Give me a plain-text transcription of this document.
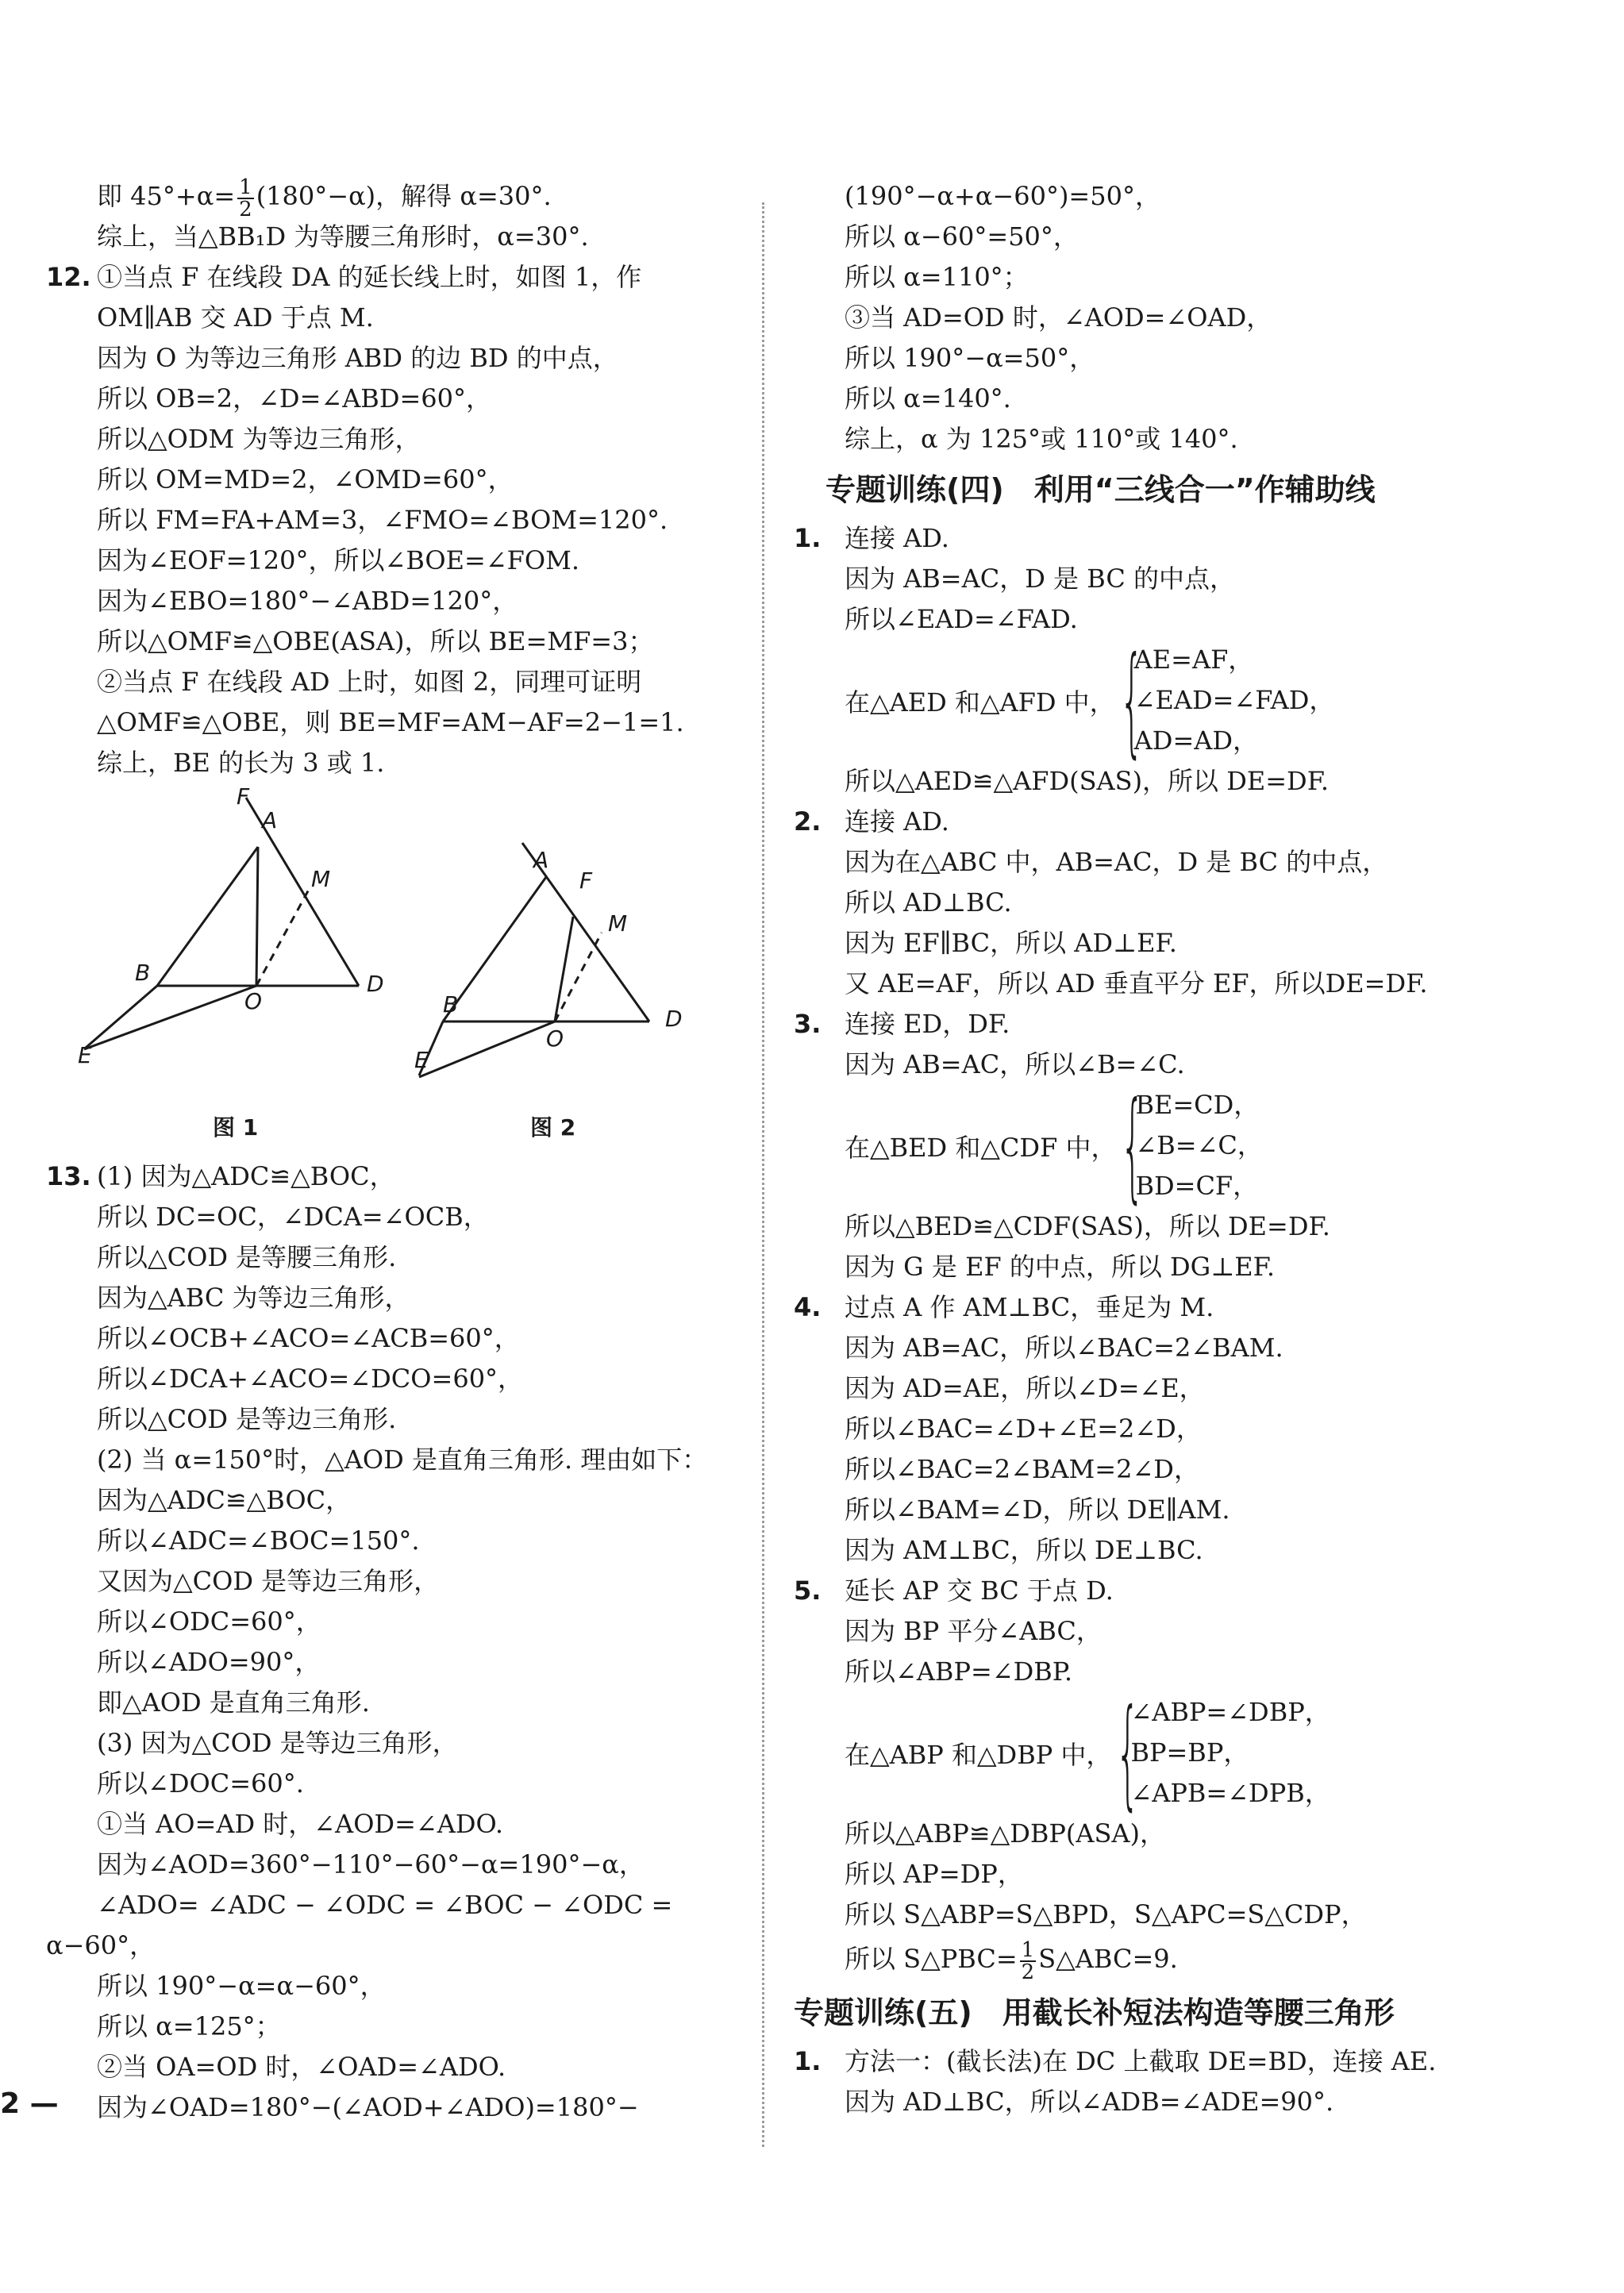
即 $45^\circ+\alpha= \frac{1}{2} (180^\circ-\alpha)$，解得 α=30°.
综上，当△BB₁D 为等腰三角形时，α=30°.
12. ①当点 F 在线段 DA 的延长线上时，如图 1，作
OM∥AB 交 AD 于点 M.
因为 O 为等边三角形 ABD 的边 BD 的中点，
所以 OB=2，∠D=∠ABD=60°，
所以△ODM 为等边三角形，
所以 OM=MD=2，∠OMD=60°，
所以 FM=FA+AM=3，∠FMO=∠BOM=120°.
因为∠EOF=120°，所以∠BOE=∠FOM.
因为∠EBO=180°−∠ABD=120°，
所以△OMF≌△OBE(ASA)，所以 BE=MF=3；
②当点 F 在线段 AD 上时，如图 2，同理可证明
△OMF≌△OBE，则 BE=MF=AM−AF=2−1=1.
综上，BE 的长为 3 或 1.
F
A
M
B
O
D
E
A
F
M
B
O
D
E
图 1	图 2
13. (1) 因为△ADC≌△BOC，
所以 DC=OC，∠DCA=∠OCB，
所以△COD 是等腰三角形.
因为△ABC 为等边三角形，
所以∠OCB+∠ACO=∠ACB=60°，
所以∠DCA+∠ACO=∠DCO=60°，
所以△COD 是等边三角形.
(2) 当 α=150°时，△AOD 是直角三角形. 理由如下：
因为△ADC≌△BOC，
所以∠ADC=∠BOC=150°.
又因为△COD 是等边三角形，
所以∠ODC=60°，
所以∠ADO=90°，
即△AOD 是直角三角形.
(3) 因为△COD 是等边三角形，
所以∠DOC=60°.
①当 AO=AD 时，∠AOD=∠ADO.
因为∠AOD=360°−110°−60°−α=190°−α，
∠ADO= ∠ADC − ∠ODC = ∠BOC − ∠ODC =
α−60°，
所以 190°−α=α−60°，
所以 α=125°；
②当 OA=OD 时，∠OAD=∠ADO.
因为∠OAD=180°−(∠AOD+∠ADO)=180°−
(190°−α+α−60°)=50°，
所以 α−60°=50°，
所以 α=110°；
③当 AD=OD 时，∠AOD=∠OAD，
所以 190°−α=50°，
所以 α=140°.
综上，α 为 125°或 110°或 140°.
专题训练(四)　利用“三线合一”作辅助线
1. 连接 AD.
因为 AB=AC，D 是 BC 的中点，
所以∠EAD=∠FAD.
在△AED 和△AFD 中， {
AE=AF，
∠EAD=∠FAD，
AD=AD，
所以△AED≌△AFD(SAS)，所以 DE=DF.
2. 连接 AD.
因为在△ABC 中，AB=AC，D 是 BC 的中点，
所以 AD⊥BC.
因为 EF∥BC，所以 AD⊥EF.
又 AE=AF，所以 AD 垂直平分 EF，所以DE=DF.
3. 连接 ED，DF.
因为 AB=AC，所以∠B=∠C.
在△BED 和△CDF 中， {
BE=CD，
∠B=∠C，
BD=CF，
所以△BED≌△CDF(SAS)，所以 DE=DF.
因为 G 是 EF 的中点，所以 DG⊥EF.
4. 过点 A 作 AM⊥BC，垂足为 M.
因为 AB=AC，所以∠BAC=2∠BAM.
因为 AD=AE，所以∠D=∠E，
所以∠BAC=∠D+∠E=2∠D，
所以∠BAC=2∠BAM=2∠D，
所以∠BAM=∠D，所以 DE∥AM.
因为 AM⊥BC，所以 DE⊥BC.
5. 延长 AP 交 BC 于点 D.
因为 BP 平分∠ABC，
所以∠ABP=∠DBP.
在△ABP 和△DBP 中， {
∠ABP=∠DBP，
BP=BP，
∠APB=∠DPB，
所以△ABP≌△DBP(ASA)，
所以 AP=DP，
所以 S△ABP=S△BPD，S△APC=S△CDP，
所以 S△PBC= $\frac{1}{2}$ S△ABC=9.
专题训练(五)　用截长补短法构造等腰三角形
1. 方法一：(截长法)在 DC 上截取 DE=BD，连接 AE.
因为 AD⊥BC，所以∠ADB=∠ADE=90°.
2 —
